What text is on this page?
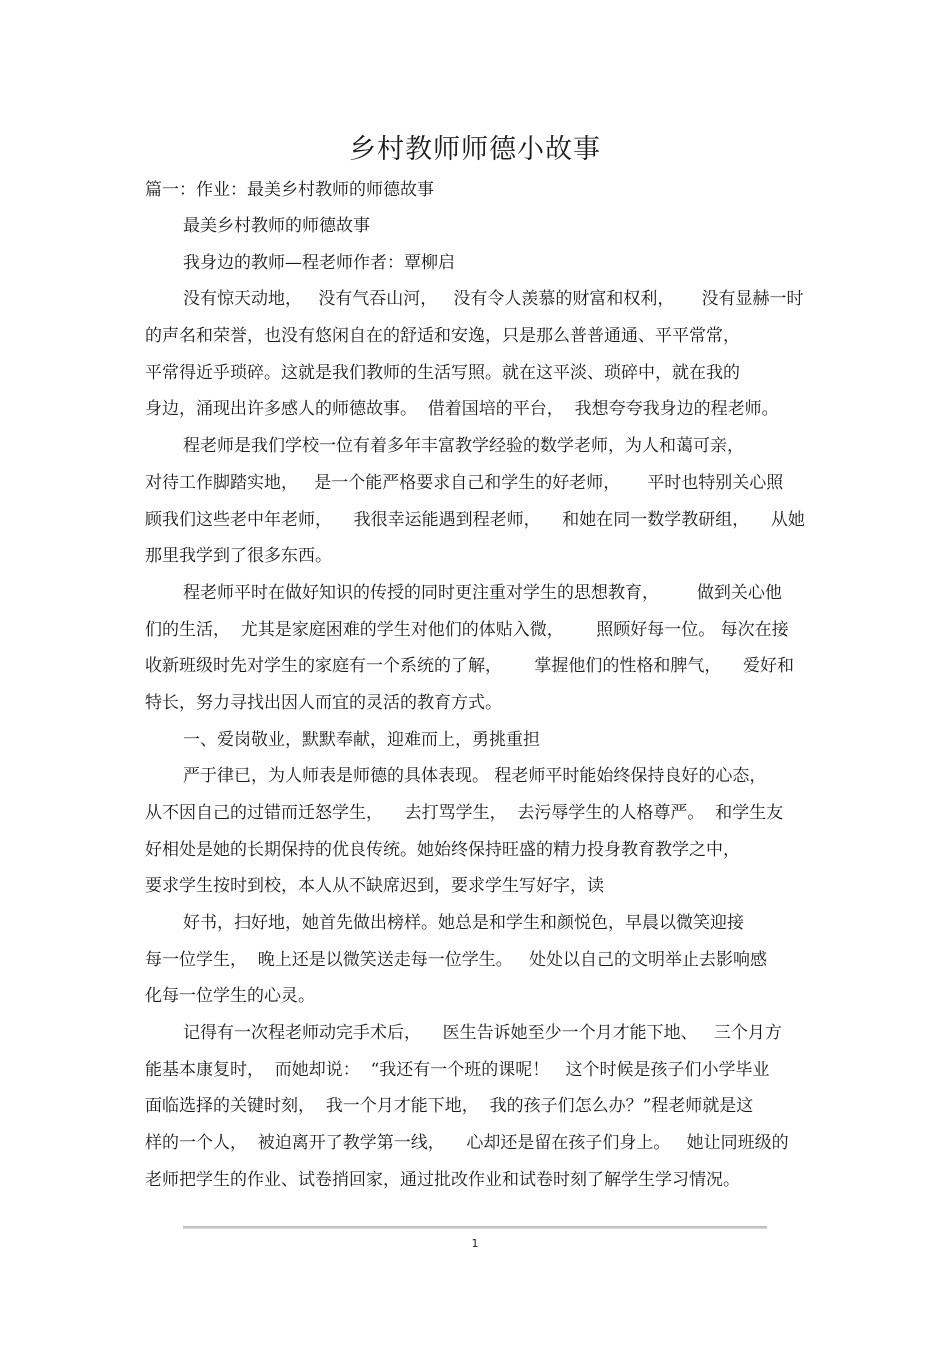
乡村教师师德小故事
篇一：作业：最美乡村教师的师德故事
最美乡村教师的师德故事
我身边的教师—程老师作者：覃柳启
没有惊天动地，   没有气吞山河，   没有令人羡慕的财富和权利，     没有显赫一时
的声名和荣誉，也没有悠闲自在的舒适和安逸，只是那么普普通通、平平常常，
平常得近乎琐碎。这就是我们教师的生活写照。就在这平淡、琐碎中，就在我的
身边，涌现出许多感人的师德故事。  借着国培的平台，  我想夸夸我身边的程老师。
程老师是我们学校一位有着多年丰富教学经验的数学老师，为人和蔼可亲，
对待工作脚踏实地，   是一个能严格要求自己和学生的好老师，     平时也特别关心照
顾我们这些老中年老师，    我很幸运能遇到程老师，    和她在同一数学教研组，    从她
那里我学到了很多东西。
程老师平时在做好知识的传授的同时更注重对学生的思想教育，       做到关心他
们的生活，  尤其是家庭困难的学生对他们的体贴入微，      照顾好每一位。 每次在接
收新班级时先对学生的家庭有一个系统的了解，      掌握他们的性格和脾气，    爱好和
特长，努力寻找出因人而宜的灵活的教育方式。
一、爱岗敬业，默默奉献，迎难而上，勇挑重担
严于律已，为人师表是师德的具体表现。 程老师平时能始终保持良好的心态，
从不因自己的过错而迁怒学生，    去打骂学生，  去污辱学生的人格尊严。  和学生友
好相处是她的长期保持的优良传统。她始终保持旺盛的精力投身教育教学之中，
要求学生按时到校，本人从不缺席迟到，要求学生写好字，读
好书，扫好地，她首先做出榜样。她总是和学生和颜悦色，早晨以微笑迎接
每一位学生，  晚上还是以微笑送走每一位学生。   处处以自己的文明举止去影响感
化每一位学生的心灵。
记得有一次程老师动完手术后，    医生告诉她至少一个月才能下地、   三个月方
能基本康复时，  而她却说：  “我还有一个班的课呢！   这个时候是孩子们小学毕业
面临选择的关键时刻，  我一个月才能下地，  我的孩子们怎么办？”程老师就是这
样的一个人，  被迫离开了教学第一线，    心却还是留在孩子们身上。   她让同班级的
老师把学生的作业、试卷捎回家，通过批改作业和试卷时刻了解学生学习情况。
1
